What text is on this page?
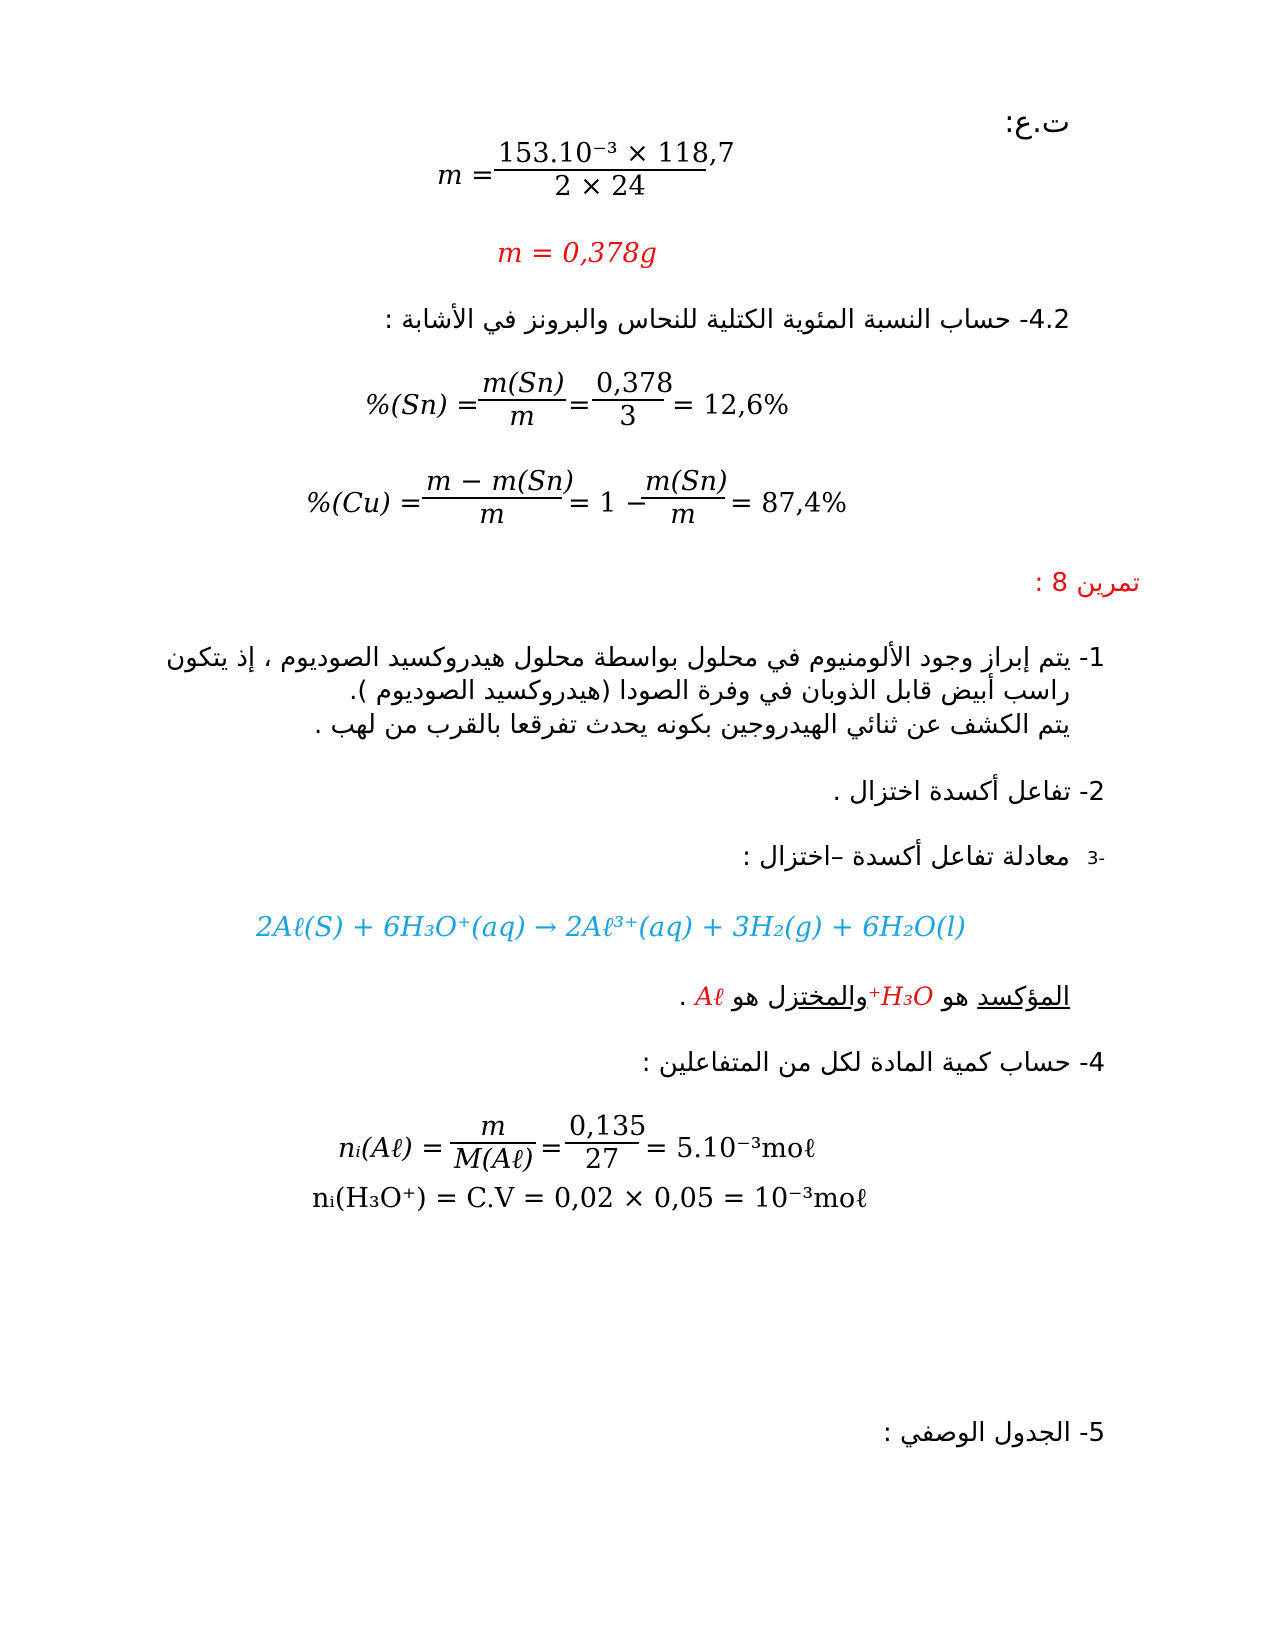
ت.ع:
m =
153.10⁻³ × 118,7
2 × 24
m = 0,378g
4.2- حساب النسبة المئوية الكتلية للنحاس والبرونز في الأشابة :
%(Sn) =
m(Sn)
m	=
0,378
3	= 12,6%
%(Cu) =
m − m(Sn)
m	= 1 −
m(Sn)
m	= 87,4%
تمرين 8 :
1- يتم إبراز وجود الألومنيوم في محلول بواسطة محلول هيدروكسيد الصوديوم ، إذ يتكون
راسب أبيض قابل الذوبان في وفرة الصودا (هيدروكسيد الصوديوم ).
يتم الكشف عن ثنائي الهيدروجين بكونه يحدث تفرقعا بالقرب من لهب .
2- تفاعل أكسدة اختزال .
3-
معادلة تفاعل أكسدة –اختزال :
2Aℓ(S) + 6H₃O⁺(aq) → 2Aℓ³⁺(aq) + 3H₂(g) + 6H₂O(l)
المؤكسد هو H₃O⁺والمختزل هو Aℓ .
4- حساب كمية المادة لكل من المتفاعلين :
nᵢ(Aℓ) =
m
M(Aℓ) =
0,135
27 = 5.10⁻³moℓ
nᵢ(H₃O⁺) = C.V = 0,02 × 0,05 = 10⁻³moℓ
5- الجدول الوصفي :
